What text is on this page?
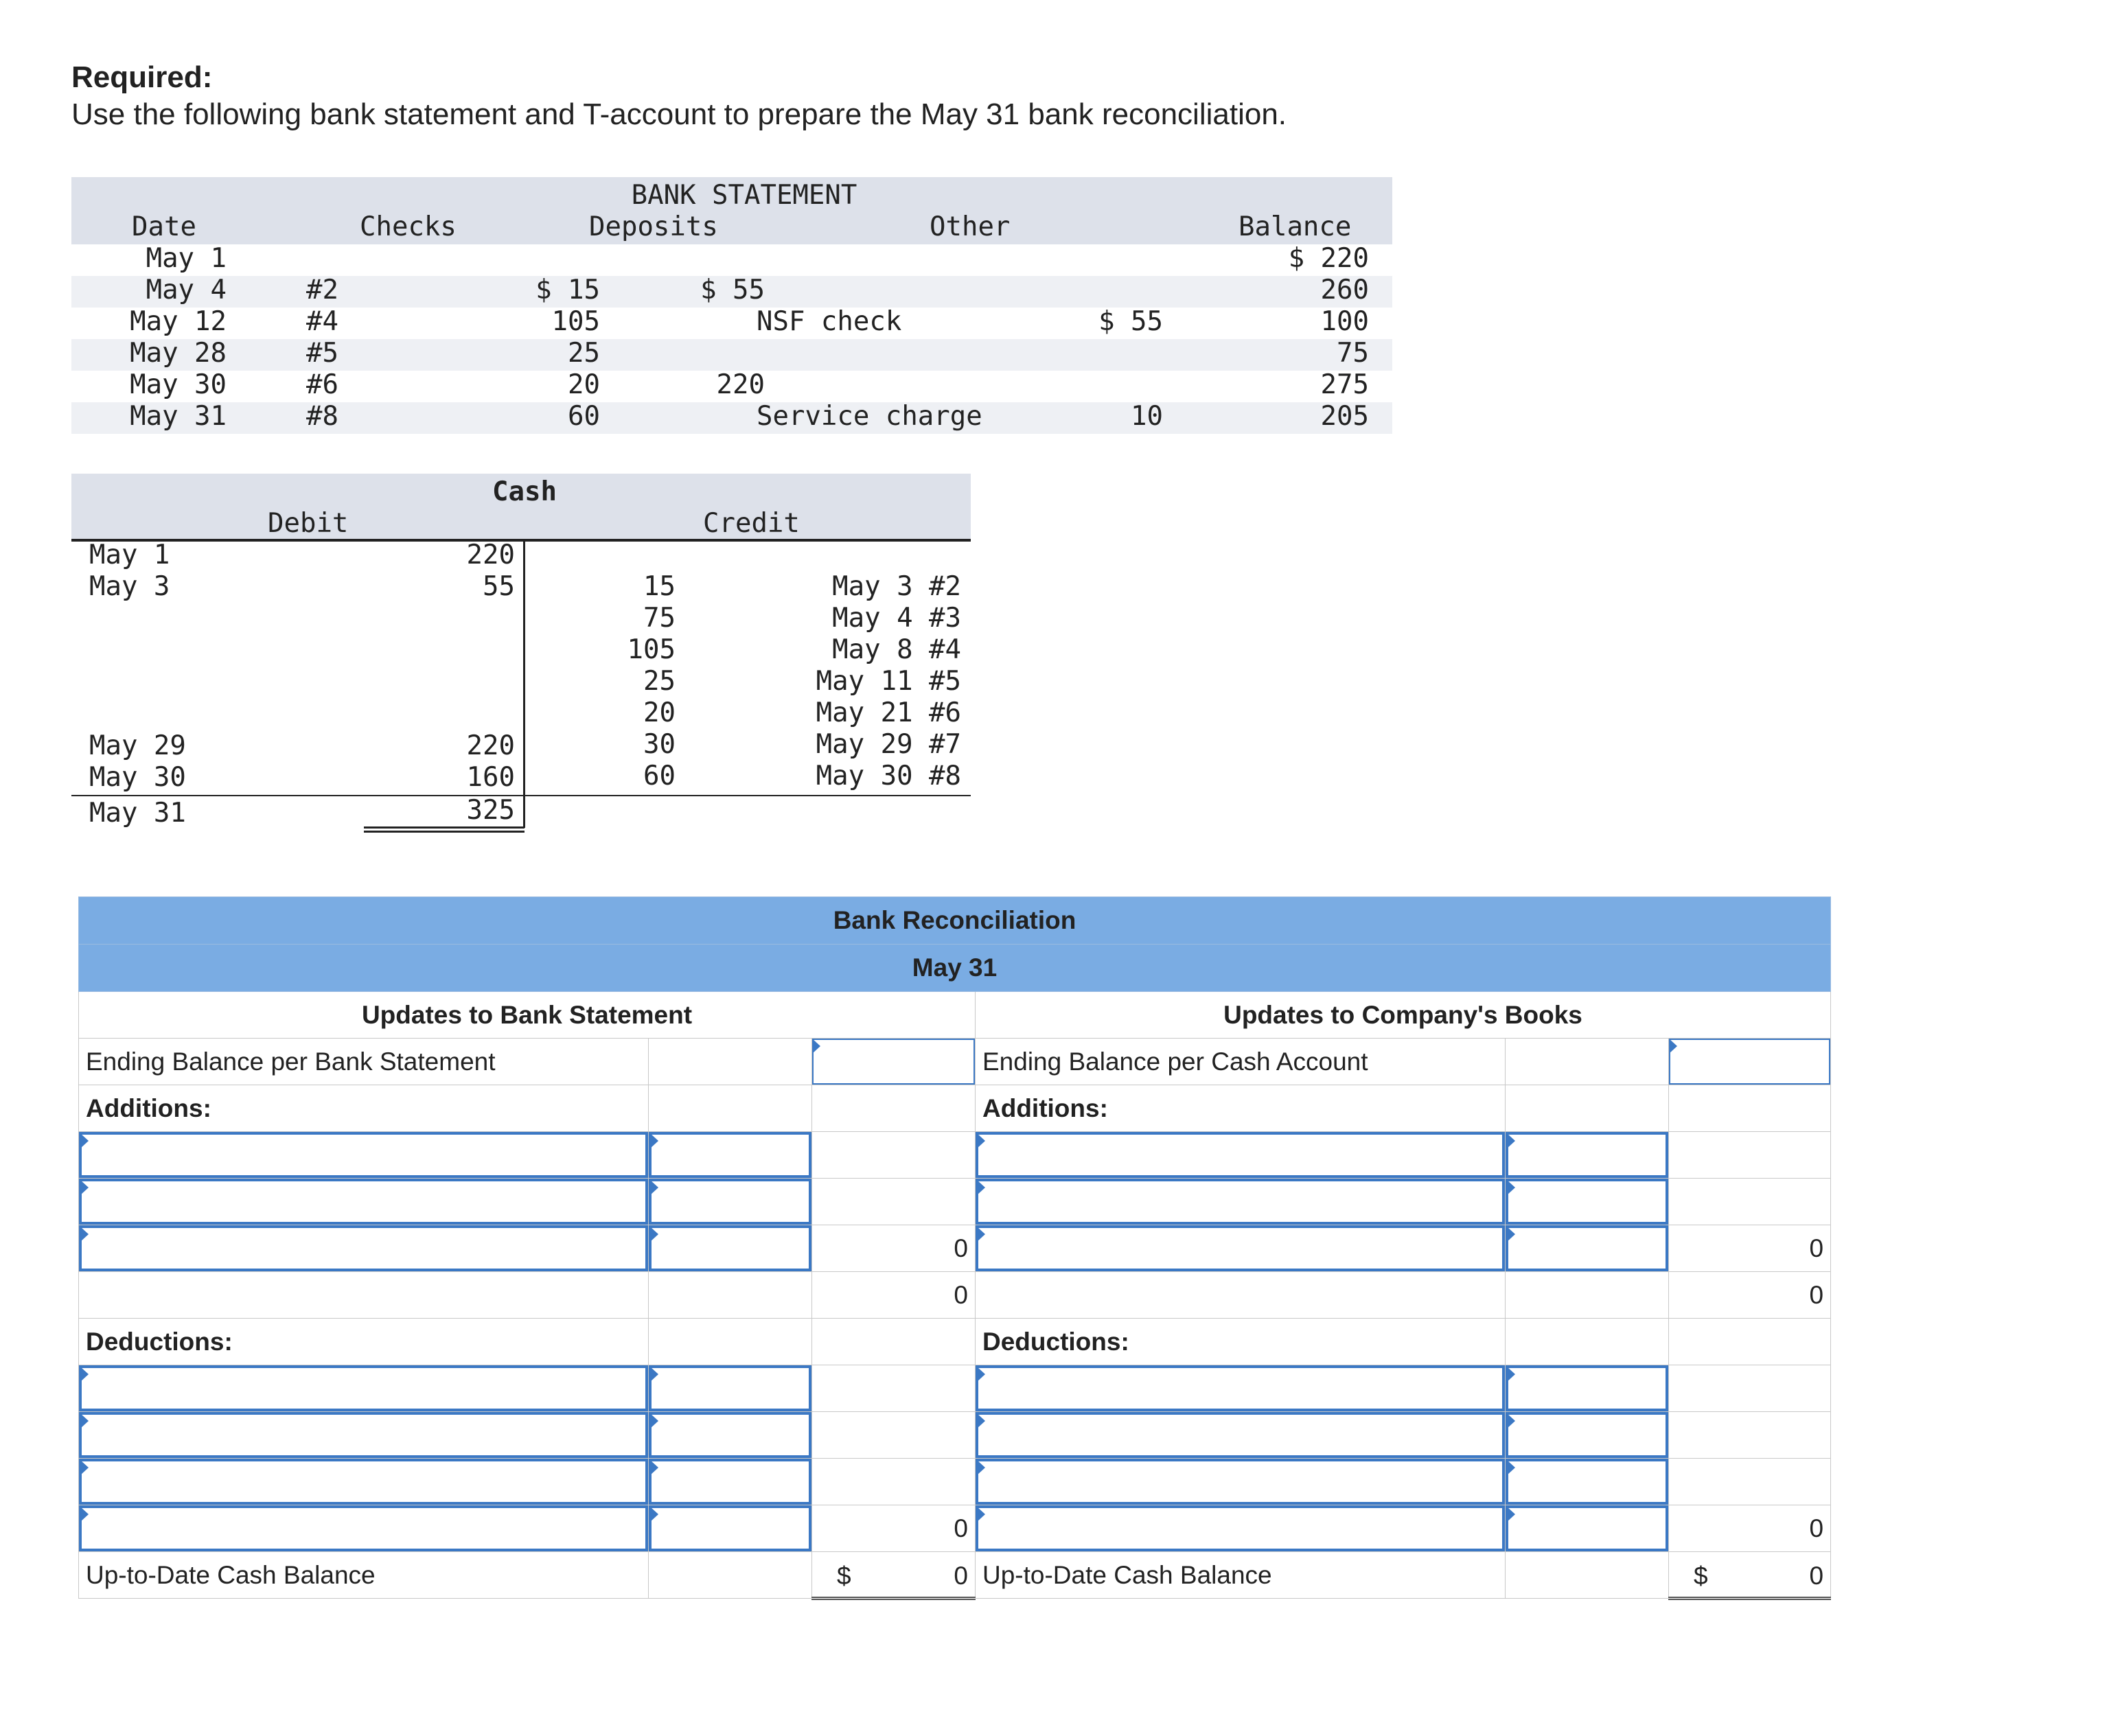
Required:
Use the following bank statement and T-account to prepare the May 31 bank reconciliation.
BANK STATEMENT
Date	Checks	Deposits	Other	Balance
May 1	$ 220
May 4	#2	$ 15	$ 55	260
May 12	#4	105	NSF check	$ 55	100
May 28	#5	25	75
May 30	#6	20	220	275
May 31	#8	60	Service charge	10	205
Cash
Debit	Credit
May 1	220
May 3	55
May 29	220
May 30	160
May 31	325
15	May 3 #2
75	May 4 #3
105	May 8 #4
25	May 11 #5
20	May 21 #6
30	May 29 #7
60	May 30 #8
Bank Reconciliation					
May 31					
Updates to Bank Statement			Updates to Company's Books		
Ending Balance per Bank Statement			Ending Balance per Cash Account		

Additions:			Additions:		

	0			0
		0			0
Deductions:			Deductions:		

	0			0
Up-to-Date Cash Balance		$ 0	Up-to-Date Cash Balance		$ 0
